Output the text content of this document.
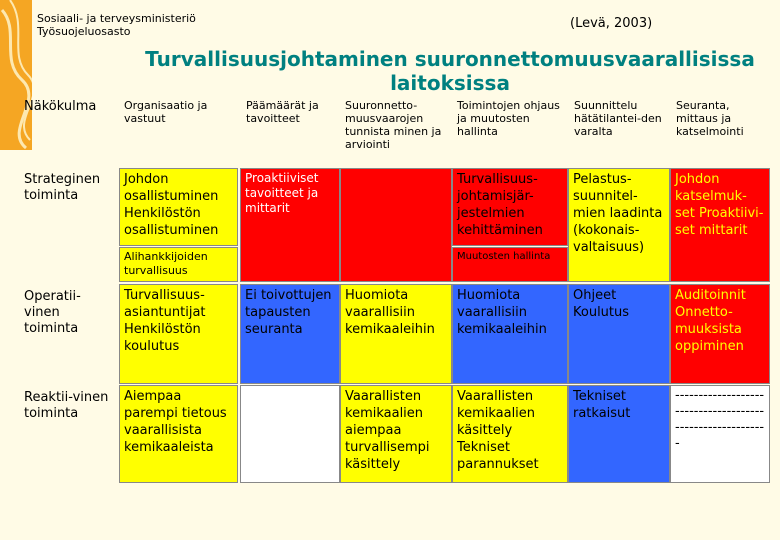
Sosiaali- ja terveysministeriö
Työsuojeluosasto
(Levä, 2003)
Turvallisuusjohtaminen suuronnettomuusvaarallisissa laitoksissa
Näkökulma	Organisaatio ja vastuut
Päämäärät ja tavoitteet
Suuronnetto-muusvaarojen tunnista minen ja arviointi
Toimintojen ohjaus ja muutosten hallinta
Suunnittelu hätätilantei-den varalta
Seuranta, mittaus ja katselmointi
Strateginen toiminta
Johdon osallistuminen Henkilöstön osallistuminen
Alihankkijoiden turvallisuus
Proaktiiviset tavoitteet ja mittarit
Turvallisuus-johtamisjär-jestelmien kehittäminen
Muutosten hallinta
Pelastus-suunnitel-mien laadinta (kokonais-valtaisuus)
Johdon katselmuk-set Proaktiivi-set mittarit
Operatii-vinen toiminta
Turvallisuus-asiantuntijat Henkilöstön koulutus
Ei toivottujen tapausten seuranta
Huomiota vaarallisiin kemikaaleihin
Huomiota vaarallisiin kemikaaleihin
Ohjeet Koulutus
Auditoinnit Onnetto-muuksista oppiminen
Reaktii-vinen toiminta
Aiempaa parempi tietous vaarallisista kemikaaleista
Vaarallisten kemikaalien aiempaa turvallisempi käsittely
Vaarallisten kemikaalien käsittely Tekniset parannukset
Tekniset ratkaisut
----------------------------------------------------------
